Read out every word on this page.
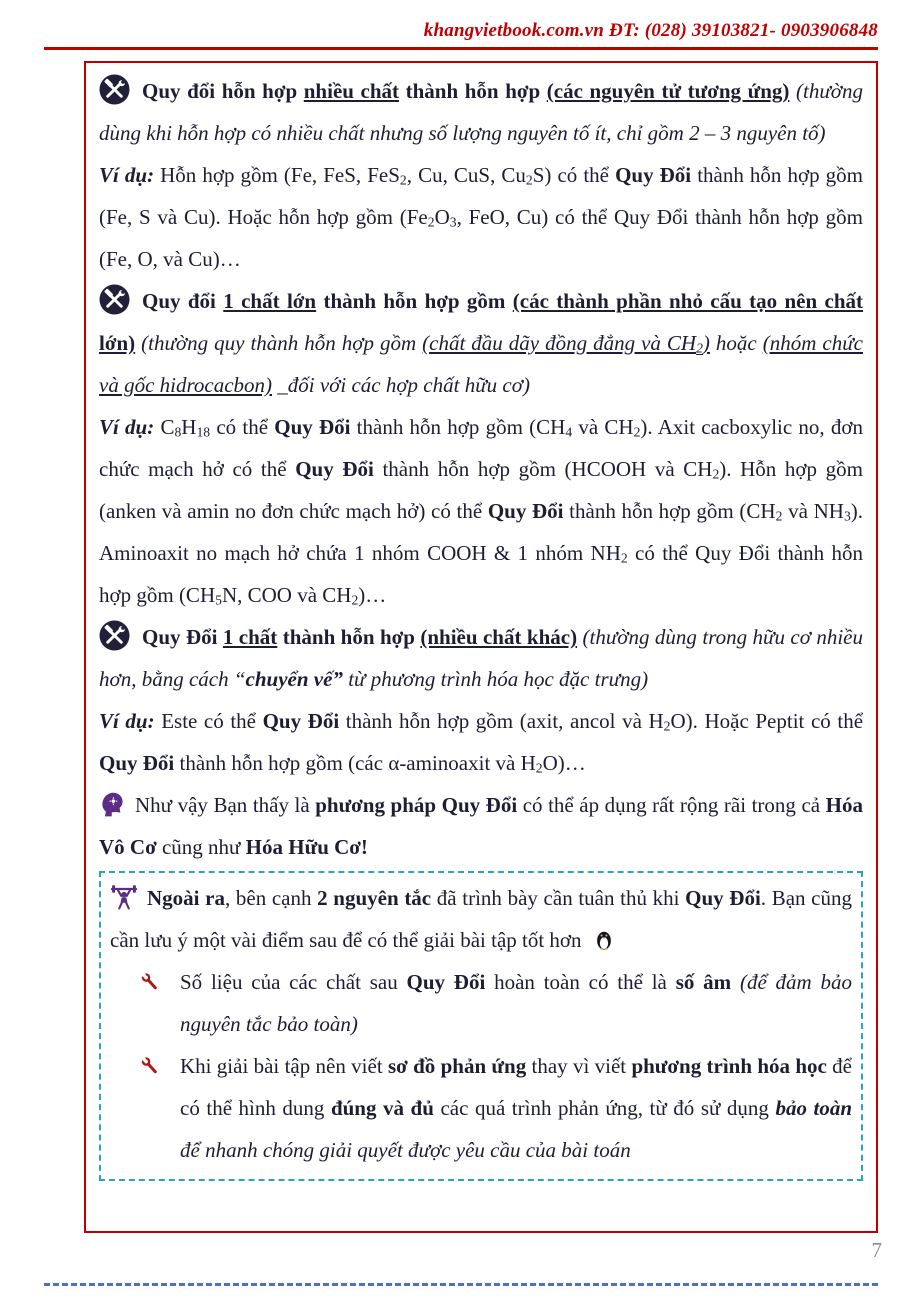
khangvietbook.com.vn ĐT: (028) 39103821- 0903906848
Quy đổi hỗn hợp nhiều chất thành hỗn hợp (các nguyên tử tương ứng) (thường dùng khi hỗn hợp có nhiều chất nhưng số lượng nguyên tố ít, chỉ gồm 2 – 3 nguyên tố)
Ví dụ: Hỗn hợp gồm (Fe, FeS, FeS$_2$, Cu, CuS, $Cu_2S$) có thể Quy Đổi thành hỗn hợp gồm (Fe, S và Cu). Hoặc hỗn hợp gồm ($Fe_2O_3$, FeO, Cu) có thể Quy Đổi thành hỗn hợp gồm (Fe, O, và Cu)…
Quy đổi 1 chất lớn thành hỗn hợp gồm (các thành phần nhỏ cấu tạo nên chất lớn) (thường quy thành hỗn hợp gồm (chất đầu dãy đồng đẳng và $CH_2$) hoặc (nhóm chức và gốc hidrocacbon) _đối với các hợp chất hữu cơ)
Ví dụ: $C_8H_{18}$ có thể Quy Đổi thành hỗn hợp gồm ($CH_4$ và $CH_2$). Axit cacboxylic no, đơn chức mạch hở có thể Quy Đổi thành hỗn hợp gồm (HCOOH và $CH_2$). Hỗn hợp gồm (anken và amin no đơn chức mạch hở) có thể Quy Đổi thành hỗn hợp gồm ($CH_2$ và $NH_3$). Aminoaxit no mạch hở chứa 1 nhóm COOH & 1 nhóm $NH_2$ có thể Quy Đổi thành hỗn hợp gồm ($CH_5N$, COO và $CH_2)\dots$
Quy Đổi 1 chất thành hỗn hợp (nhiều chất khác) (thường dùng trong hữu cơ nhiều hơn, bằng cách “chuyển vế” từ phương trình hóa học đặc trưng)
Ví dụ: Este có thể Quy Đổi thành hỗn hợp gồm (axit, ancol và $H_2O$). Hoặc Peptit có thể Quy Đổi thành hỗn hợp gồm (các α-aminoaxit và $H_2O)\dots$
Như vậy Bạn thấy là phương pháp Quy Đổi có thể áp dụng rất rộng rãi trong cả Hóa Vô Cơ cũng như Hóa Hữu Cơ!
Ngoài ra, bên cạnh 2 nguyên tắc đã trình bày cần tuân thủ khi Quy Đổi. Bạn cũng cần lưu ý một vài điểm sau để có thể giải bài tập tốt hơn
Số liệu của các chất sau Quy Đổi hoàn toàn có thể là số âm (để đảm bảo nguyên tắc bảo toàn)
Khi giải bài tập nên viết sơ đồ phản ứng thay vì viết phương trình hóa học để có thể hình dung đúng và đủ các quá trình phản ứng, từ đó sử dụng bảo toàn để nhanh chóng giải quyết được yêu cầu của bài toán
7
